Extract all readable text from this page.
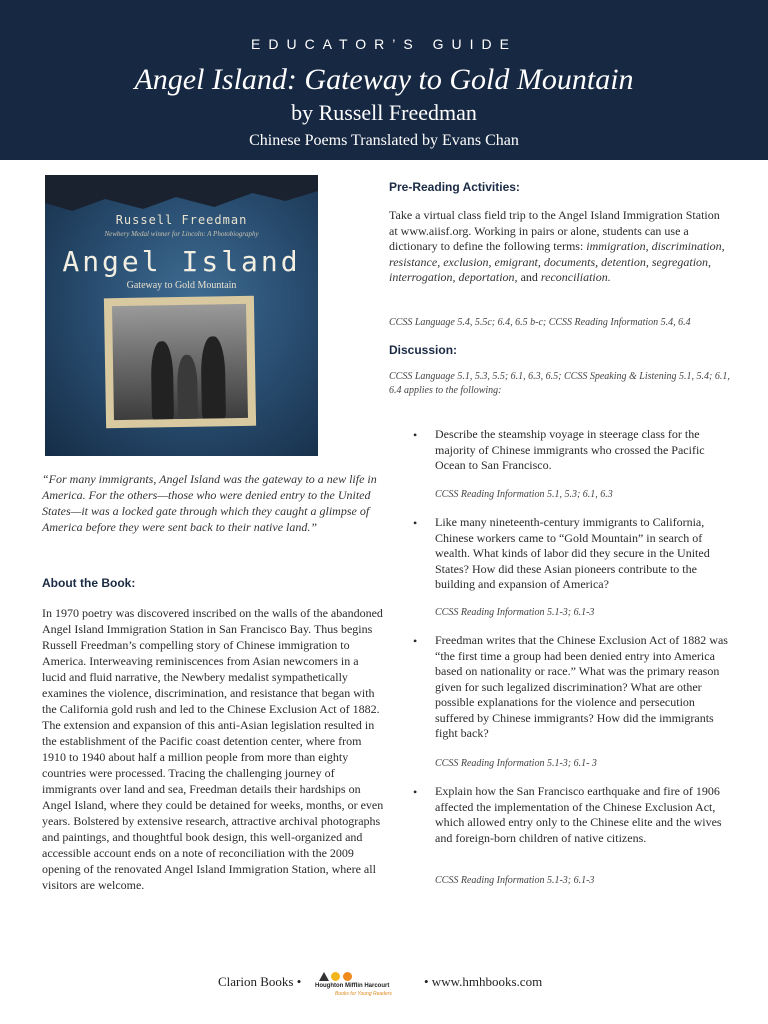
EDUCATOR’S GUIDE
Angel Island: Gateway to Gold Mountain
by Russell Freedman
Chinese Poems Translated by Evans Chan
Russell Freedman
Newbery Medal winner for Lincoln: A Photobiography
Angel Island
Gateway to Gold Mountain
“For many immigrants, Angel Island was the gateway to a new life in America. For the others—those who were denied entry to the United States—it was a locked gate through which they caught a glimpse of America before they were sent back to their native land.”
About the Book:
In 1970 poetry was discovered inscribed on the walls of the abandoned Angel Island Immigration Station in San Francisco Bay. Thus begins Russell Freedman’s compelling story of Chinese immigration to America. Interweaving reminiscences from Asian newcomers in a lucid and fluid narrative, the Newbery medalist sympathetically examines the violence, discrimination, and resistance that began with the California gold rush and led to the Chinese Exclusion Act of 1882. The extension and expansion of this anti-Asian legislation resulted in the establishment of the Pacific coast detention center, where from 1910 to 1940 about half a million people from more than eighty countries were processed. Tracing the challenging journey of immigrants over land and sea, Freedman details their hardships on Angel Island, where they could be detained for weeks, months, or even years. Bolstered by extensive research, attractive archival photographs and paintings, and thoughtful book design, this well-organized and accessible account ends on a note of reconciliation with the 2009 opening of the renovated Angel Island Immigration Station, where all visitors are welcome.
Pre-Reading Activities:
Take a virtual class field trip to the Angel Island Immigration Station at www.aiisf.org. Working in pairs or alone, students can use a dictionary to define the following terms: immigration, discrimination, resistance, exclusion, emigrant, documents, detention, segregation, interrogation, deportation, and reconciliation.
CCSS Language 5.4, 5.5c; 6.4, 6.5 b-c; CCSS Reading Information 5.4, 6.4
Discussion:
CCSS Language 5.1, 5.3, 5.5; 6.1, 6.3, 6.5; CCSS Speaking & Listening 5.1, 5.4; 6.1, 6.4 applies to the following:
•	Describe the steamship voyage in steerage class for the majority of Chinese immigrants who crossed the Pacific Ocean to San Francisco.
CCSS Reading Information 5.1, 5.3; 6.1, 6.3
•	Like many nineteenth-century immigrants to California, Chinese workers came to “Gold Mountain” in search of wealth. What kinds of labor did they secure in the United States? How did these Asian pioneers contribute to the building and expansion of America?
CCSS Reading Information 5.1-3; 6.1-3
•	Freedman writes that the Chinese Exclusion Act of 1882 was “the first time a group had been denied entry into America based on nationality or race.” What was the primary reason given for such legalized discrimination? What are other possible explanations for the violence and persecution suffered by Chinese immigrants? How did the immigrants fight back?
CCSS Reading Information 5.1-3; 6.1- 3
•	Explain how the San Francisco earthquake and fire of 1906 affected the implementation of the Chinese Exclusion Act, which allowed entry only to the Chinese elite and the wives and foreign-born children of native citizens.
CCSS Reading Information 5.1-3; 6.1-3
Clarion Books • Houghton Mifflin Harcourt
Books for Young Readers
• www.hmhbooks.com
